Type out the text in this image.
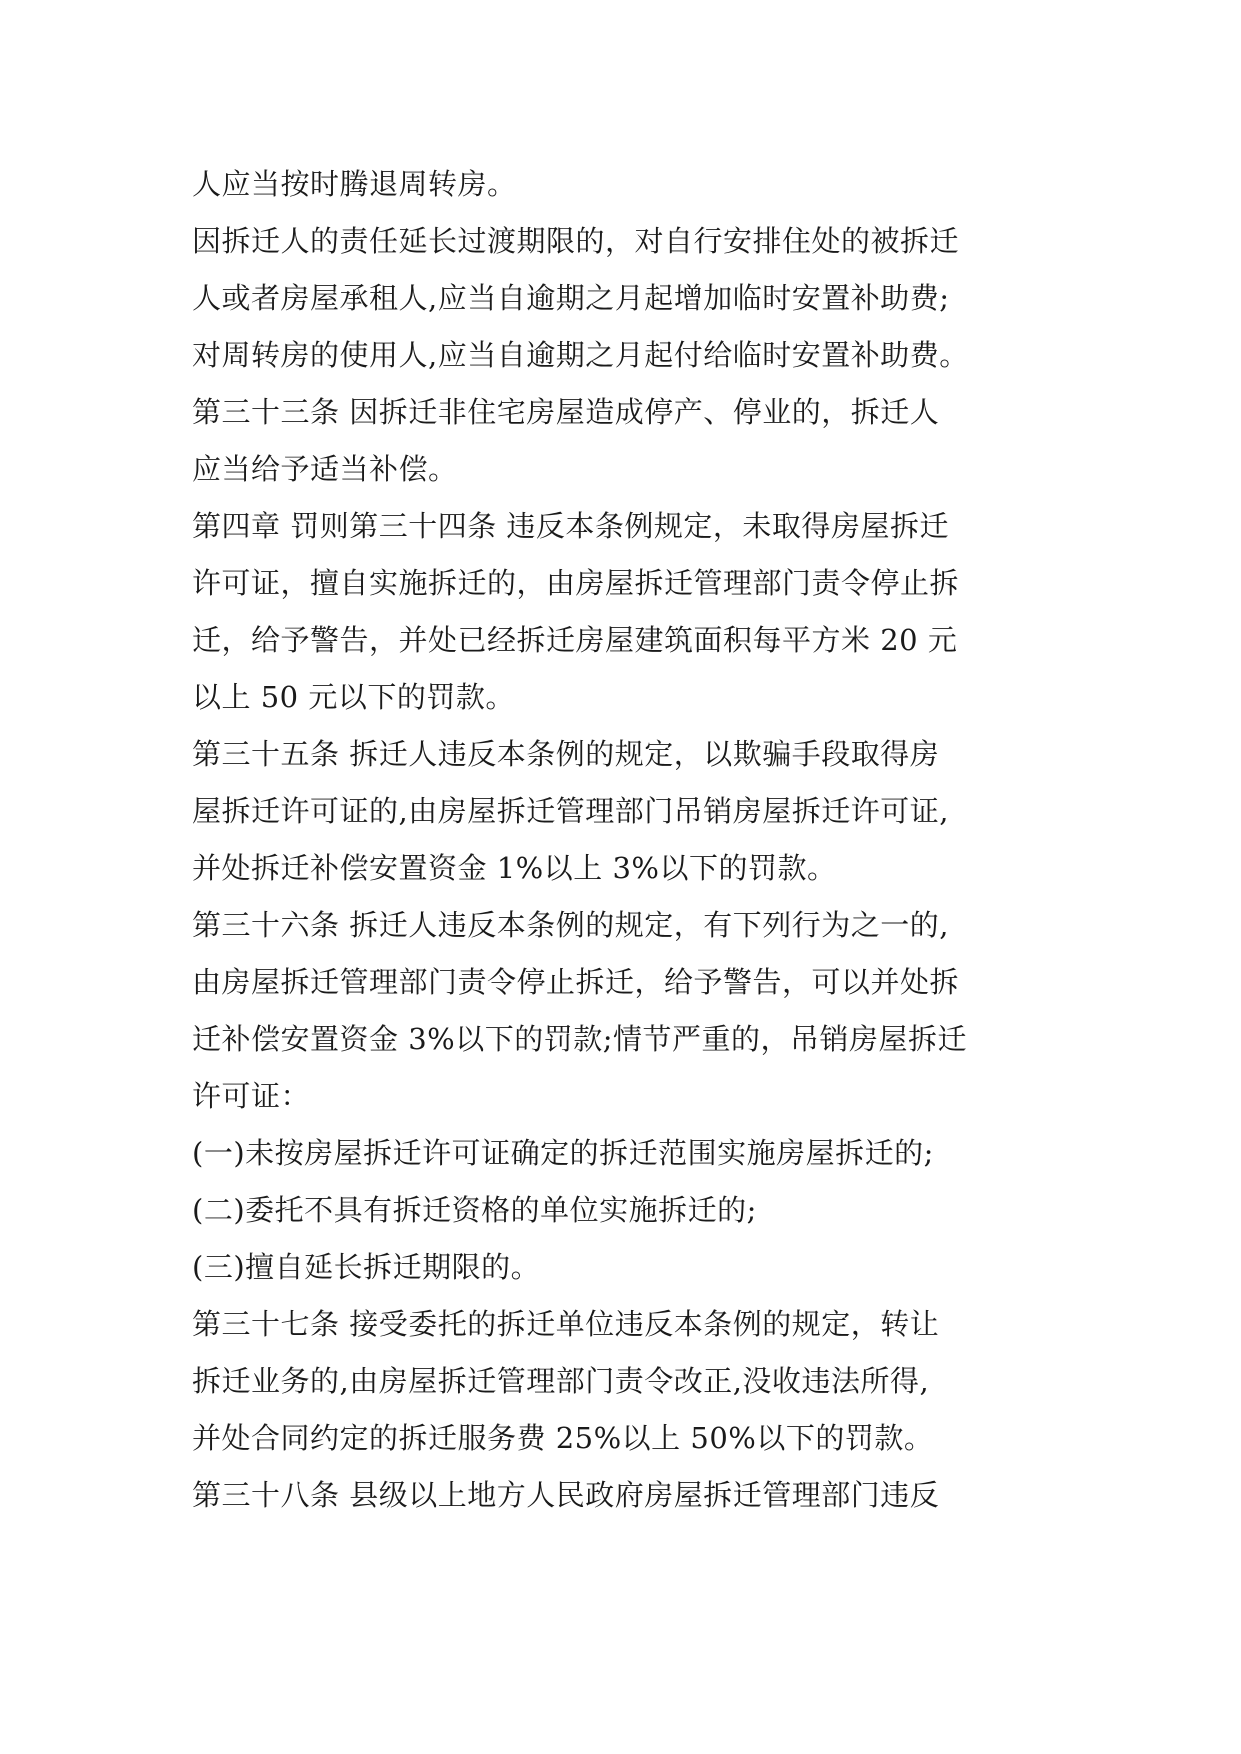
人应当按时腾退周转房。
因拆迁人的责任延长过渡期限的，对自行安排住处的被拆迁
人或者房屋承租人,应当自逾期之月起增加临时安置补助费;
对周转房的使用人,应当自逾期之月起付给临时安置补助费。
第三十三条 因拆迁非住宅房屋造成停产、停业的，拆迁人
应当给予适当补偿。
第四章 罚则第三十四条 违反本条例规定，未取得房屋拆迁
许可证，擅自实施拆迁的，由房屋拆迁管理部门责令停止拆
迁，给予警告，并处已经拆迁房屋建筑面积每平方米 20 元
以上 50 元以下的罚款。
第三十五条 拆迁人违反本条例的规定，以欺骗手段取得房
屋拆迁许可证的,由房屋拆迁管理部门吊销房屋拆迁许可证,
并处拆迁补偿安置资金 1%以上 3%以下的罚款。
第三十六条 拆迁人违反本条例的规定，有下列行为之一的,
由房屋拆迁管理部门责令停止拆迁，给予警告，可以并处拆
迁补偿安置资金 3%以下的罚款;情节严重的，吊销房屋拆迁
许可证：
(一)未按房屋拆迁许可证确定的拆迁范围实施房屋拆迁的;
(二)委托不具有拆迁资格的单位实施拆迁的;
(三)擅自延长拆迁期限的。
第三十七条 接受委托的拆迁单位违反本条例的规定，转让
拆迁业务的,由房屋拆迁管理部门责令改正,没收违法所得,
并处合同约定的拆迁服务费 25%以上 50%以下的罚款。
第三十八条 县级以上地方人民政府房屋拆迁管理部门违反
